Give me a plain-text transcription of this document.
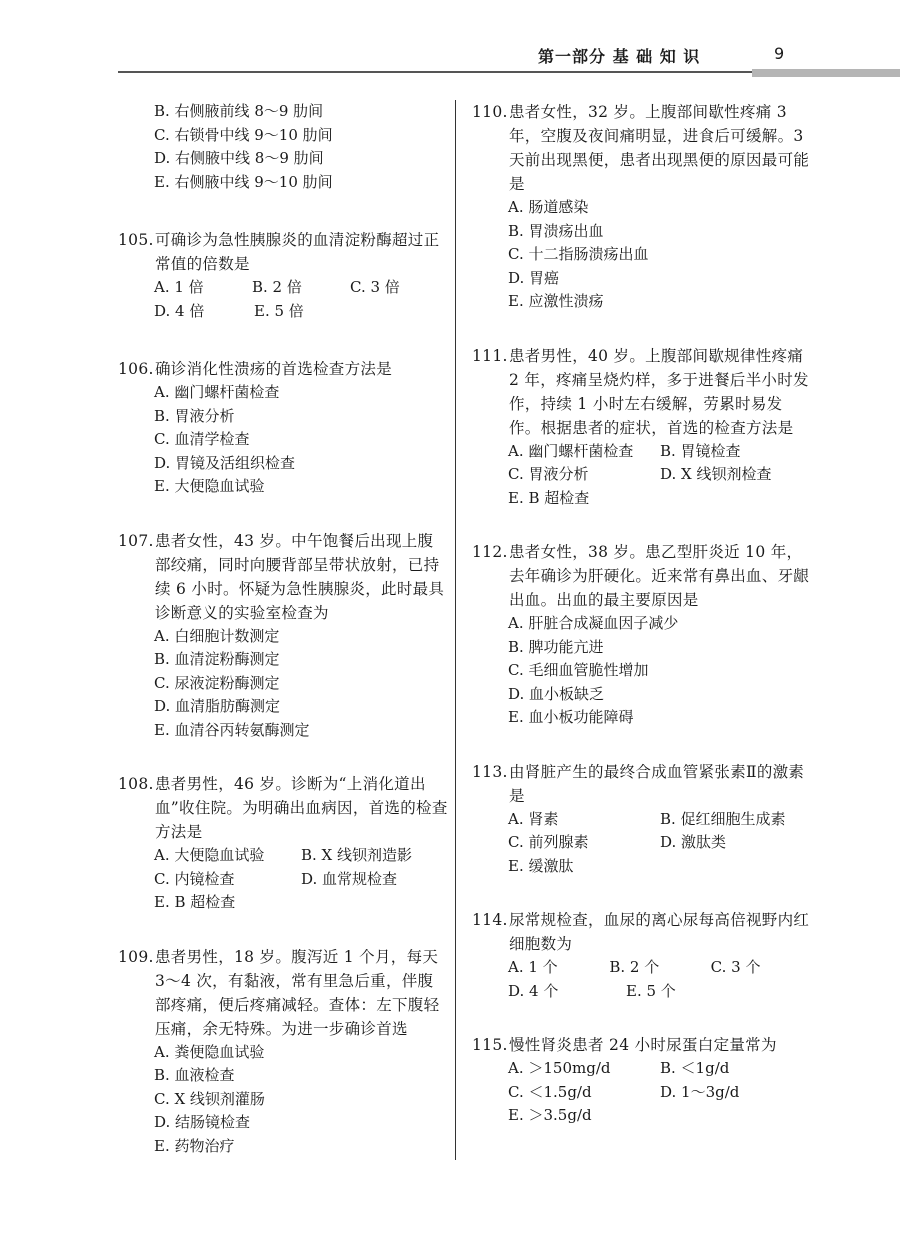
第一部分 基 础 知 识	9
B. 右侧腋前线 8～9 肋间
C. 右锁骨中线 9～10 肋间
D. 右侧腋中线 8～9 肋间
E. 右侧腋中线 9～10 肋间
105.可确诊为急性胰腺炎的血清淀粉酶超过正常值的倍数是
A. 1 倍	B. 2 倍	C. 3 倍
D. 4 倍	E. 5 倍
106.确诊消化性溃疡的首选检查方法是
A. 幽门螺杆菌检查
B. 胃液分析
C. 血清学检查
D. 胃镜及活组织检查
E. 大便隐血试验
107.患者女性，43 岁。中午饱餐后出现上腹部绞痛，同时向腰背部呈带状放射，已持续 6 小时。怀疑为急性胰腺炎，此时最具诊断意义的实验室检查为
A. 白细胞计数测定
B. 血清淀粉酶测定
C. 尿液淀粉酶测定
D. 血清脂肪酶测定
E. 血清谷丙转氨酶测定
108.患者男性，46 岁。诊断为“上消化道出血”收住院。为明确出血病因，首选的检查方法是
A. 大便隐血试验	B. X 线钡剂造影
C. 内镜检查	D. 血常规检查
E. B 超检查
109.患者男性，18 岁。腹泻近 1 个月，每天 3～4 次，有黏液，常有里急后重，伴腹部疼痛，便后疼痛减轻。查体：左下腹轻压痛，余无特殊。为进一步确诊首选
A. 粪便隐血试验
B. 血液检查
C. X 线钡剂灌肠
D. 结肠镜检查
E. 药物治疗
110.患者女性，32 岁。上腹部间歇性疼痛 3 年，空腹及夜间痛明显，进食后可缓解。3 天前出现黑便，患者出现黑便的原因最可能是
A. 肠道感染
B. 胃溃疡出血
C. 十二指肠溃疡出血
D. 胃癌
E. 应激性溃疡
111.患者男性，40 岁。上腹部间歇规律性疼痛 2 年，疼痛呈烧灼样，多于进餐后半小时发作，持续 1 小时左右缓解，劳累时易发作。根据患者的症状，首选的检查方法是
A. 幽门螺杆菌检查	B. 胃镜检查
C. 胃液分析	D. X 线钡剂检查
E. B 超检查
112.患者女性，38 岁。患乙型肝炎近 10 年，去年确诊为肝硬化。近来常有鼻出血、牙龈出血。出血的最主要原因是
A. 肝脏合成凝血因子减少
B. 脾功能亢进
C. 毛细血管脆性增加
D. 血小板缺乏
E. 血小板功能障碍
113.由肾脏产生的最终合成血管紧张素Ⅱ的激素是
A. 肾素	B. 促红细胞生成素
C. 前列腺素	D. 激肽类
E. 缓激肽
114.尿常规检查，血尿的离心尿每高倍视野内红细胞数为
A. 1 个	B. 2 个	C. 3 个
D. 4 个	E. 5 个
115.慢性肾炎患者 24 小时尿蛋白定量常为
A. ＞150mg/d	B. ＜1g/d
C. ＜1.5g/d	D. 1～3g/d
E. ＞3.5g/d
